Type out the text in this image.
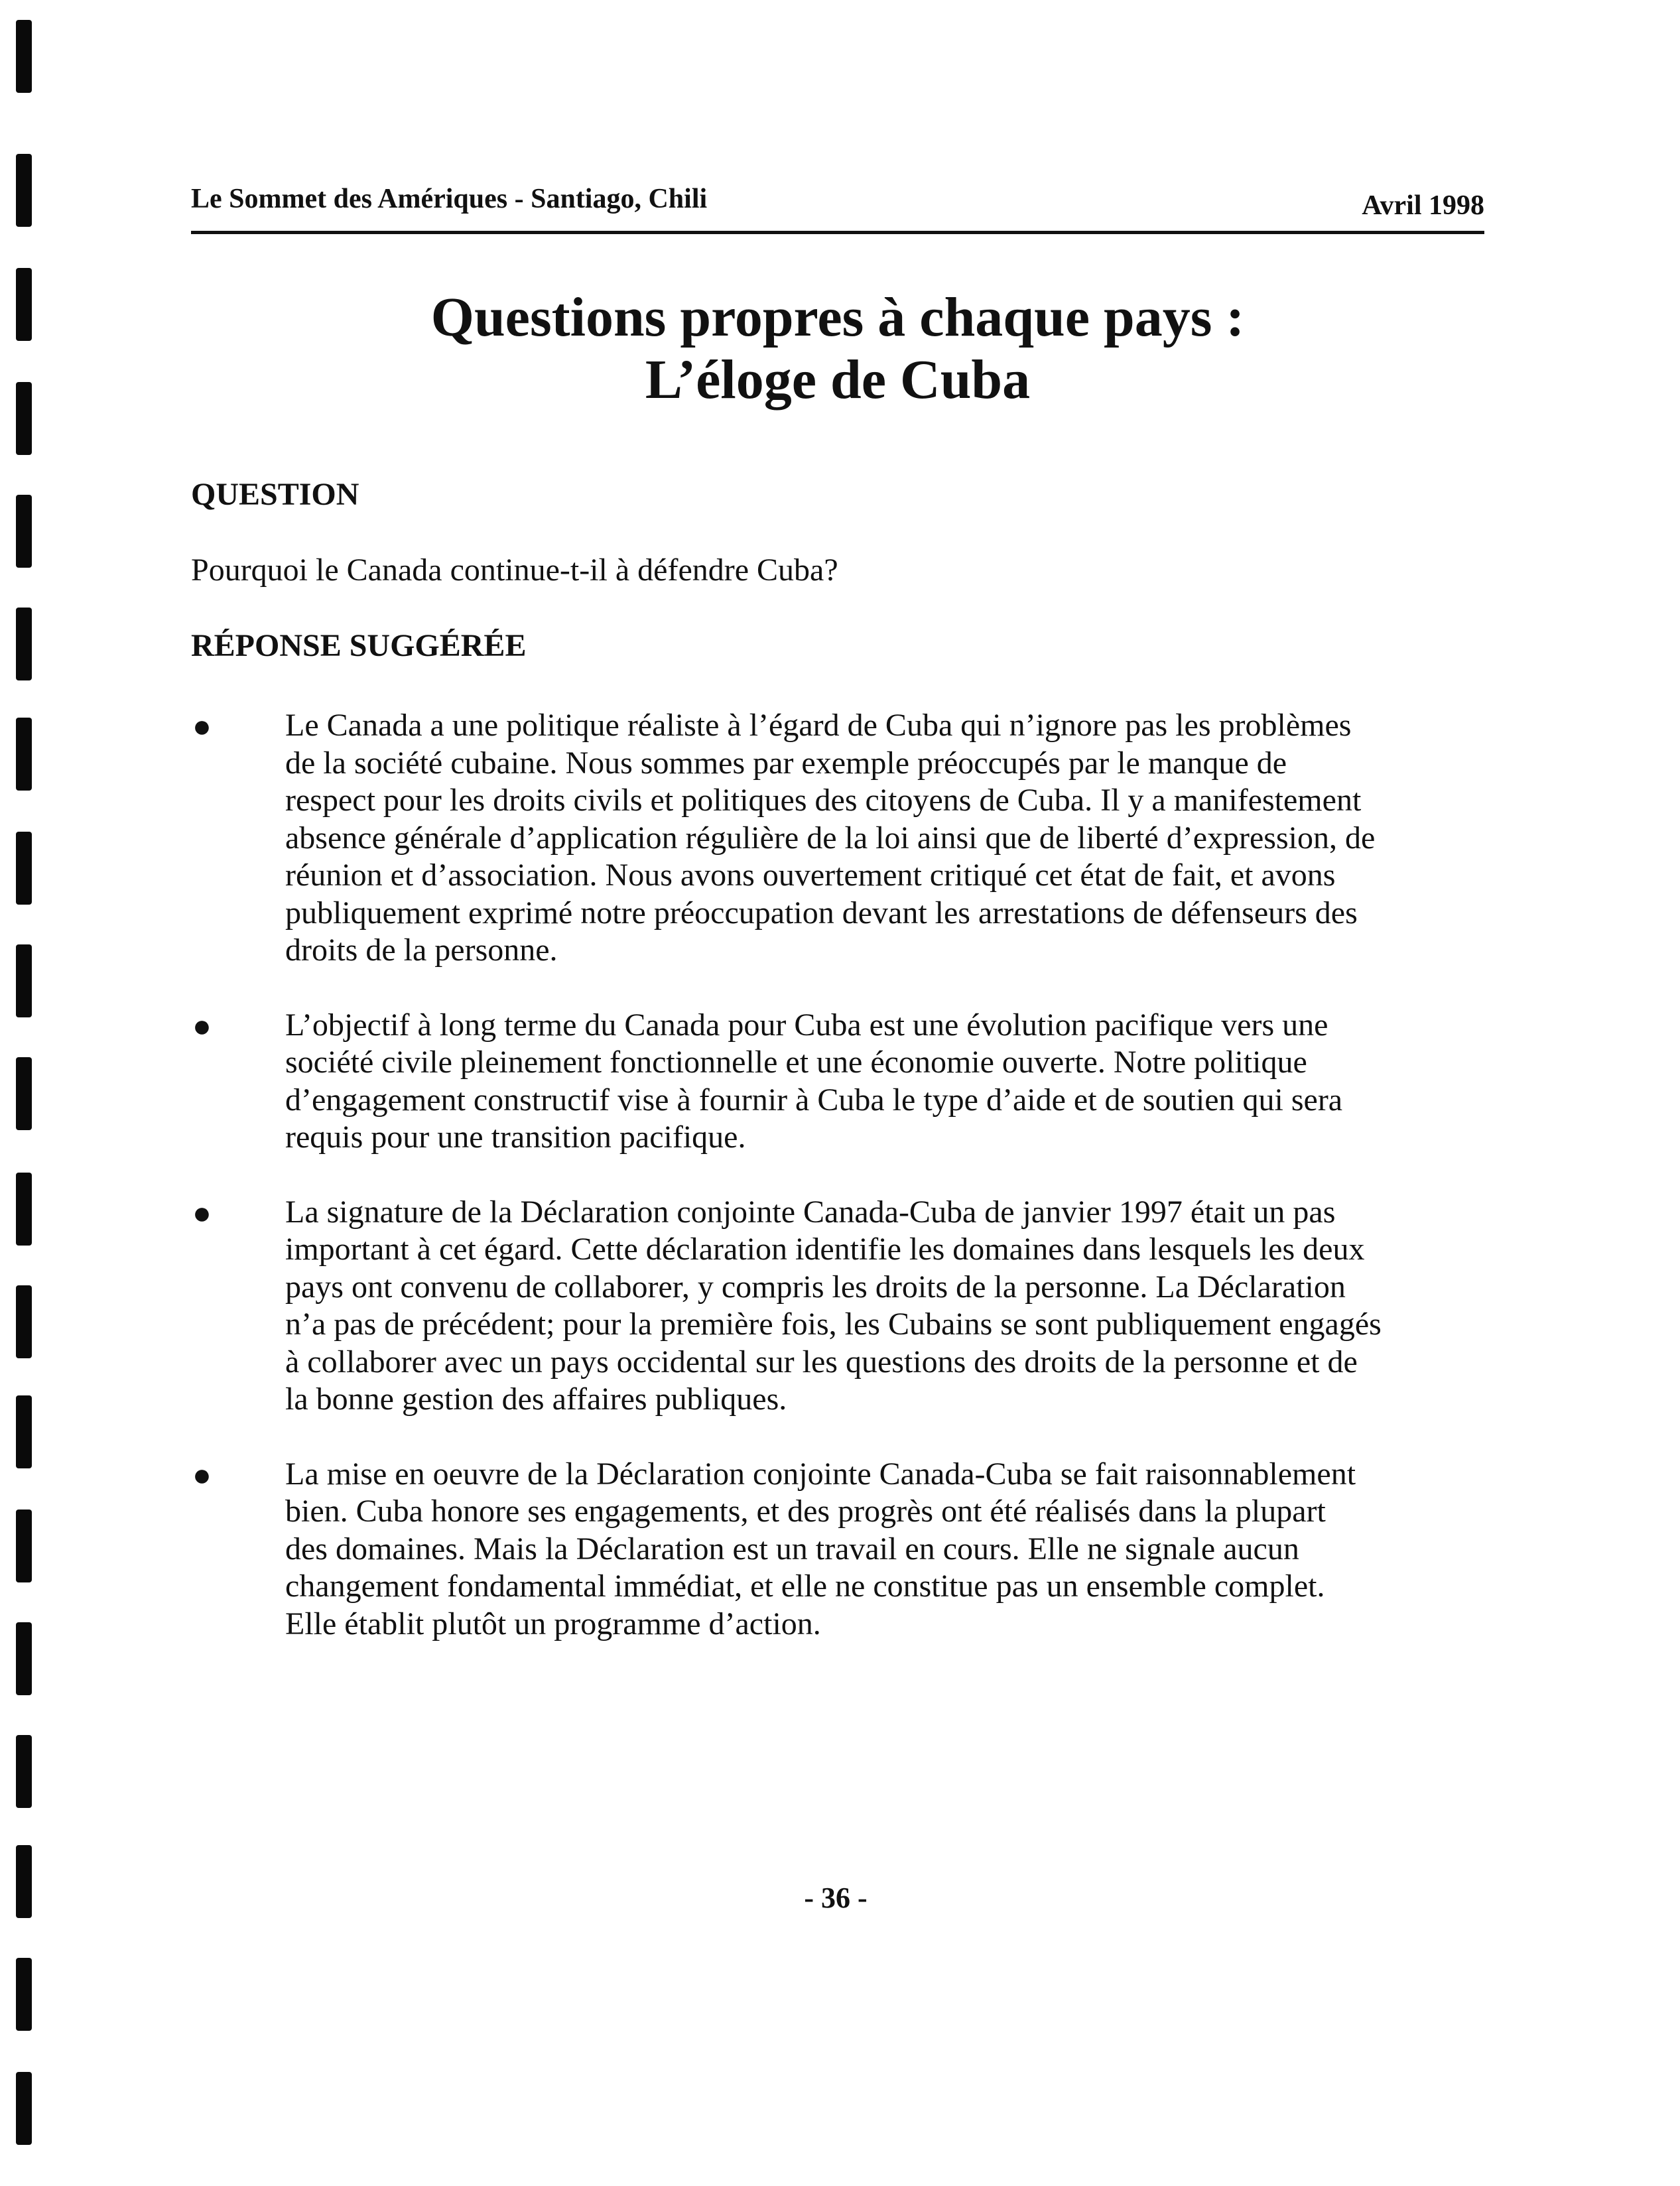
Le Sommet des Amériques - Santiago, Chili	Avril 1998
Questions propres à chaque pays :
L’éloge de Cuba
QUESTION
Pourquoi le Canada continue-t-il à défendre Cuba?
RÉPONSE SUGGÉRÉE
● Le Canada a une politique réaliste à l’égard de Cuba qui n’ignore pas les problèmes
de la société cubaine. Nous sommes par exemple préoccupés par le manque de
respect pour les droits civils et politiques des citoyens de Cuba. Il y a manifestement
absence générale d’application régulière de la loi ainsi que de liberté d’expression, de
réunion et d’association. Nous avons ouvertement critiqué cet état de fait, et avons
publiquement exprimé notre préoccupation devant les arrestations de défenseurs des
droits de la personne.
● L’objectif à long terme du Canada pour Cuba est une évolution pacifique vers une
société civile pleinement fonctionnelle et une économie ouverte. Notre politique
d’engagement constructif vise à fournir à Cuba le type d’aide et de soutien qui sera
requis pour une transition pacifique.
● La signature de la Déclaration conjointe Canada-Cuba de janvier 1997 était un pas
important à cet égard. Cette déclaration identifie les domaines dans lesquels les deux
pays ont convenu de collaborer, y compris les droits de la personne. La Déclaration
n’a pas de précédent; pour la première fois, les Cubains se sont publiquement engagés
à collaborer avec un pays occidental sur les questions des droits de la personne et de
la bonne gestion des affaires publiques.
● La mise en oeuvre de la Déclaration conjointe Canada-Cuba se fait raisonnablement
bien. Cuba honore ses engagements, et des progrès ont été réalisés dans la plupart
des domaines. Mais la Déclaration est un travail en cours. Elle ne signale aucun
changement fondamental immédiat, et elle ne constitue pas un ensemble complet.
Elle établit plutôt un programme d’action.
- 36 -
